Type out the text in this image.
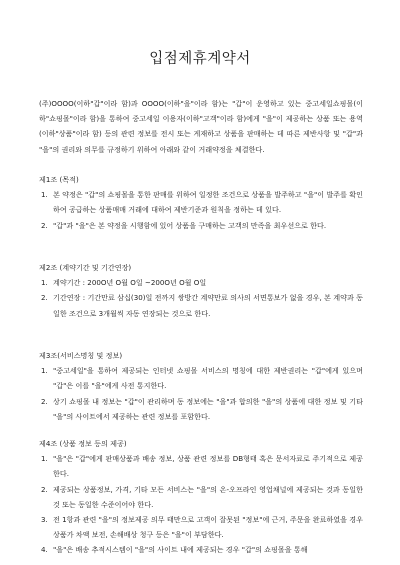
입점제휴계약서
(주)OOOO(이하"갑"이라 함)과 OOOO(이하"을"이라 함)는 "갑"이 운영하고 있는 중고세일쇼핑몰(이하"쇼핑몰"이라 함)을 통하여 중고세일 이용자(이하"고객"이라 함)에게 "을"이 제공하는 상품 또는 용역 (이하"상품"이라 함) 등의 관련 정보를 전시 또는 게재하고 상품을 판매하는 데 따른 제반사항 및 "갑"과 "을"의 권리와 의무를 규정하기 위하여 아래와 같이 거래약정을 체결한다.

제1조 (목적)

1. 본 약정은 "갑"의 쇼핑몰을 통한 판매를 위하여 일정한 조건으로 상품을 발주하고 "을"이 발주를 확인하여 공급하는 상품매매 거래에 대하여 제반기준과 원칙을 정하는 데 있다.
2. "갑"과 "을"은 본 약정을 시행함에 있어 상품을 구매하는 고객의 만족을 최우선으로 한다.

제2조 (계약기간 및 기간연장)

1. 계약기간 : 200O년 O월 O일 ~200O년 O월 O일
2. 기간연장 : 기간만료 삼십(30)일 전까지 쌍방간 계약만료 의사의 서면통보가 없을 경우, 본 계약과 동일한 조건으로 3개월씩 자동 연장되는 것으로 한다.

제3조(서비스명칭 및 정보)

1. "중고세일"을 통하여 제공되는 인터넷 쇼핑몰 서비스의 명칭에 대한 제반권리는 "갑"에게 있으며 "갑"은 이를 "을"에게 사전 통지한다.
2. 상기 쇼핑몰 내 정보는 "갑"이 관리하며 동 정보에는 "을"과 합의한 "을"의 상품에 대한 정보 및 기타 "을"의 사이트에서 제공하는 관련 정보를 포함한다.

제4조 (상품 정보 등의 제공)

1. "을"은 "갑"에게 판매상품과 배송 정보, 상품 관련 정보를 DB형태 혹은 문서자료로 주기적으로 제공한다.
2. 제공되는 상품정보, 가격, 기타 모든 서비스는 "을"의 온-오프라인 영업채널에 제공되는 것과 동일한 것 또는 동일한 수준이어야 한다.
3. 전 1항과 관련 "을"의 정보제공 의무 태만으로 고객이 잘못된 "정보"에 근거, 주문을 완료하였을 경우 상품가 차액 보전, 손해배상 청구 등은 "을"이 부담한다.
4. "을"은 배송 추적시스템이 "을"의 사이트 내에 제공되는 경우 "갑"의 쇼핑몰을 통해
